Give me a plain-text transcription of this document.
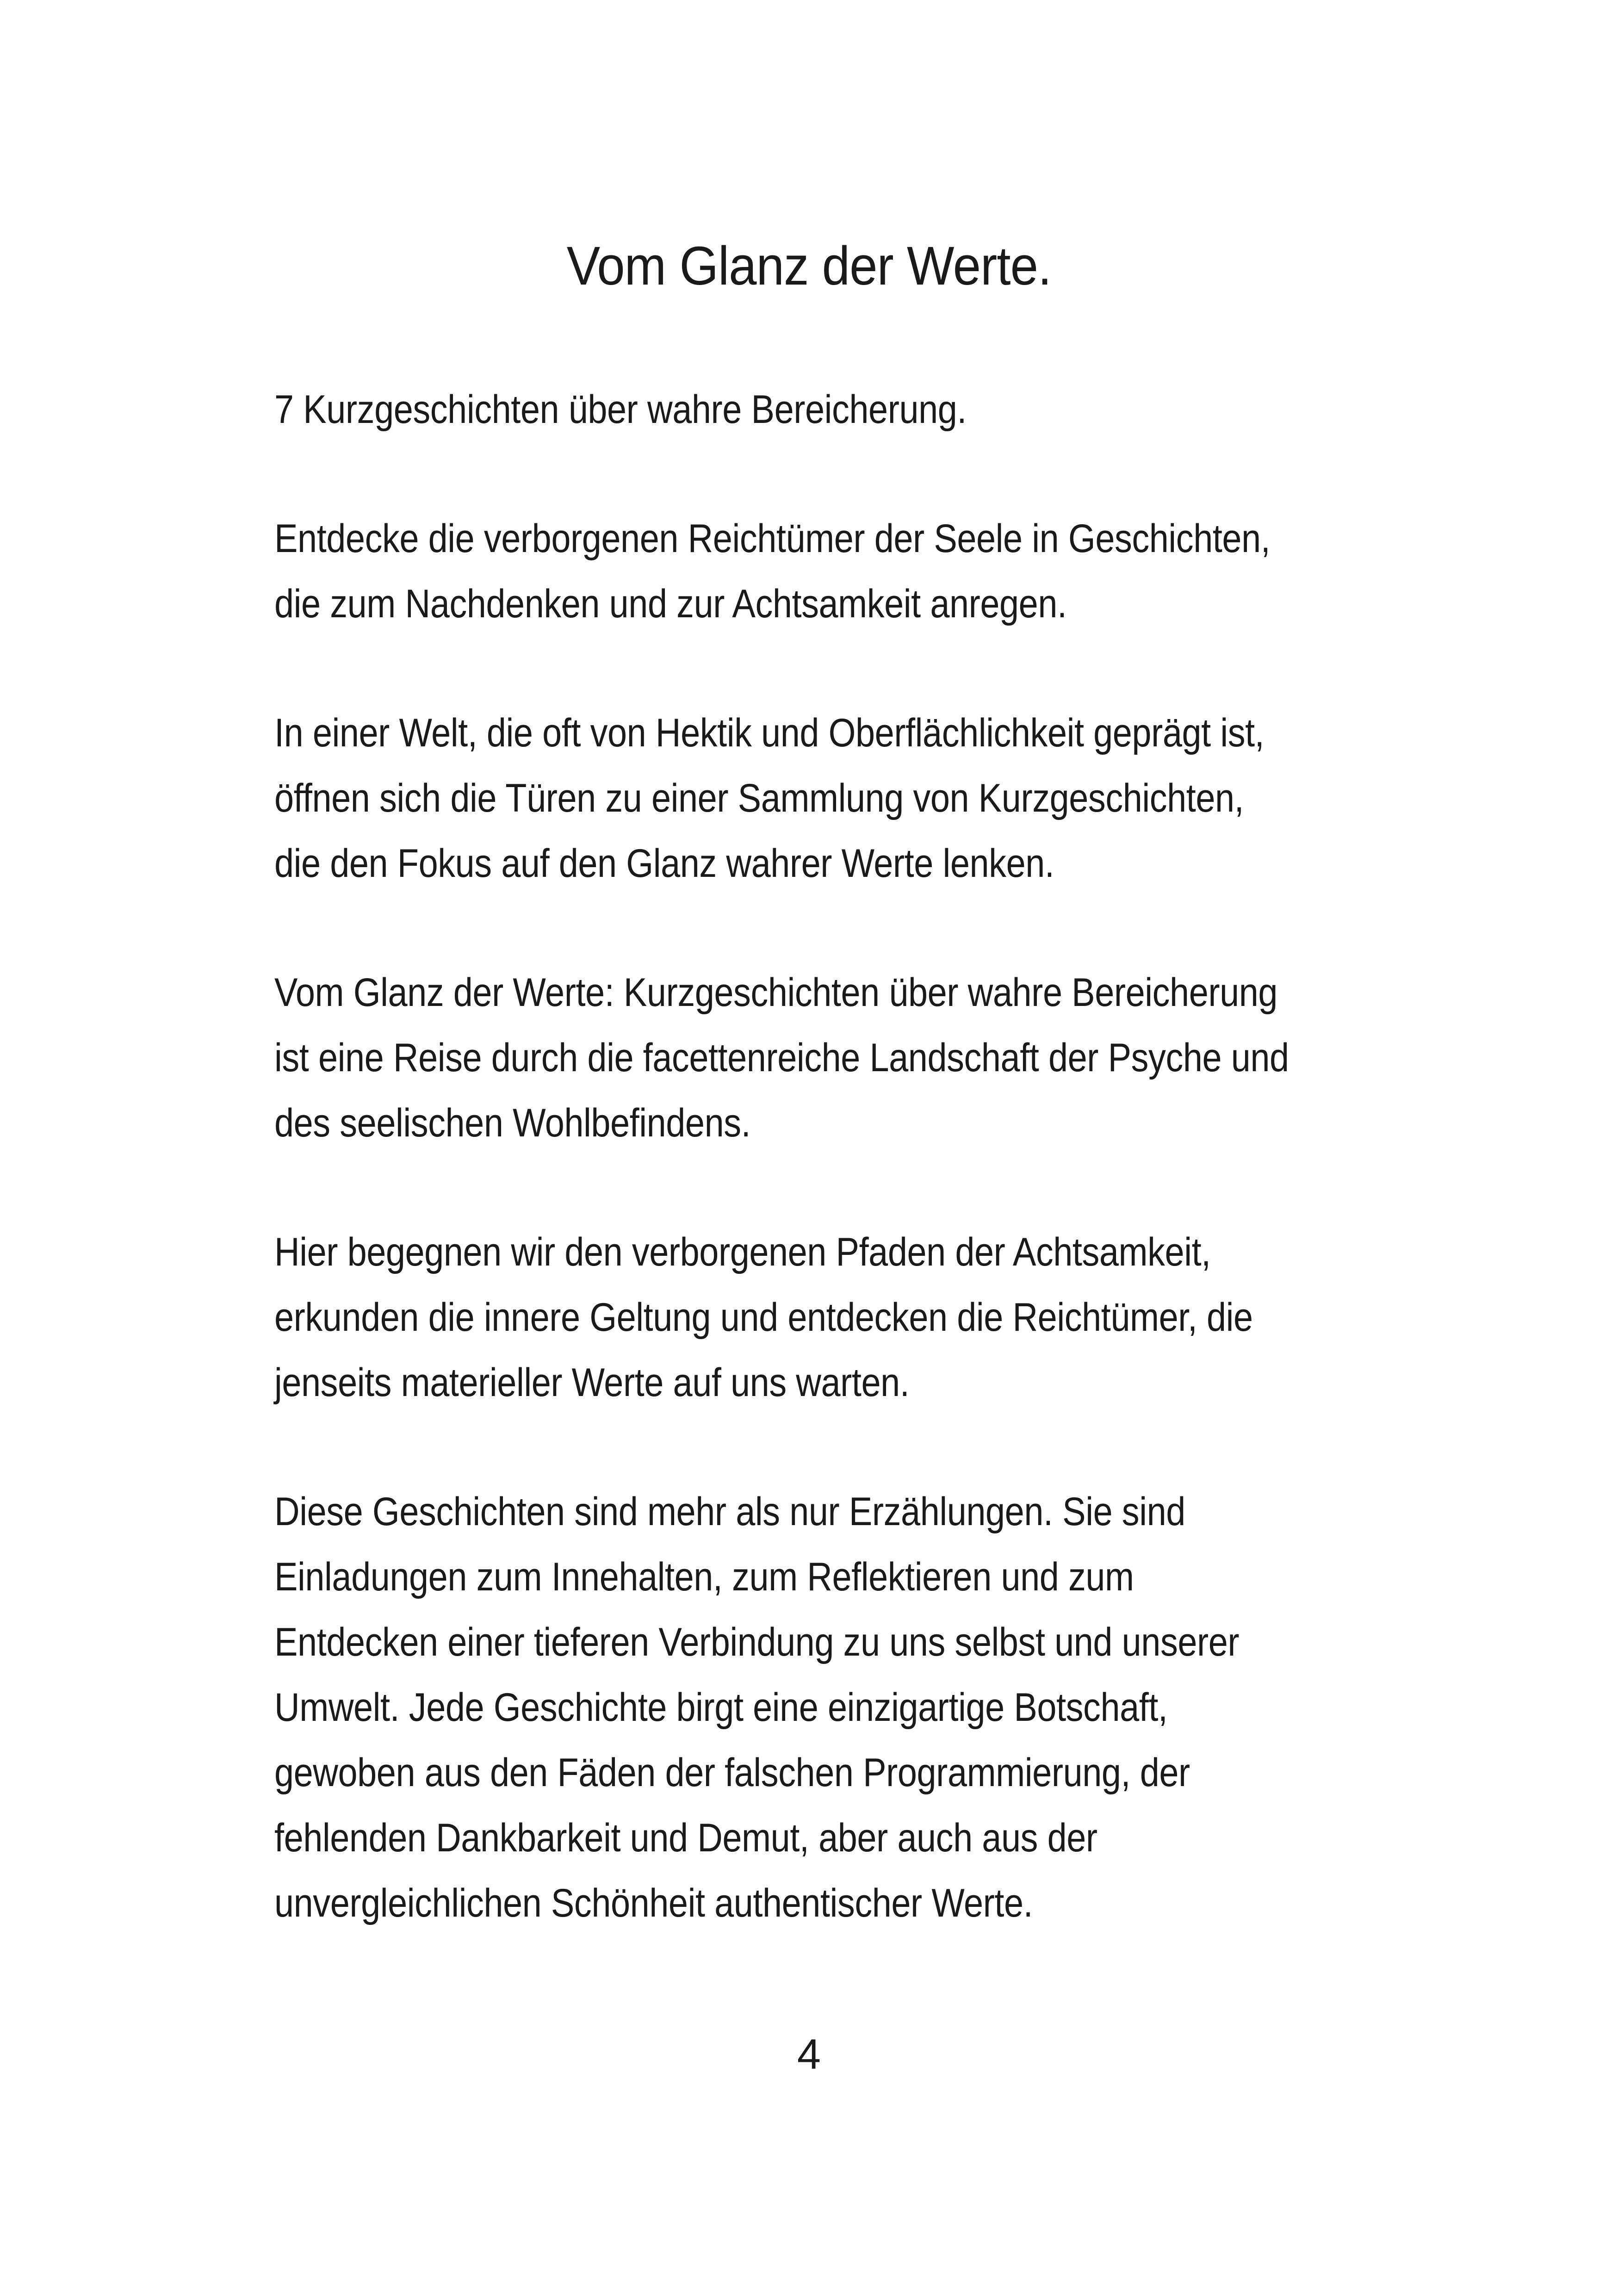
Vom Glanz der Werte.

7 Kurzgeschichten über wahre Bereicherung.

Entdecke die verborgenen Reichtümer der Seele in Geschichten,
die zum Nachdenken und zur Achtsamkeit anregen.

In einer Welt, die oft von Hektik und Oberflächlichkeit geprägt ist,
öffnen sich die Türen zu einer Sammlung von Kurzgeschichten,
die den Fokus auf den Glanz wahrer Werte lenken.

Vom Glanz der Werte: Kurzgeschichten über wahre Bereicherung
ist eine Reise durch die facettenreiche Landschaft der Psyche und
des seelischen Wohlbefindens.

Hier begegnen wir den verborgenen Pfaden der Achtsamkeit,
erkunden die innere Geltung und entdecken die Reichtümer, die
jenseits materieller Werte auf uns warten.

Diese Geschichten sind mehr als nur Erzählungen. Sie sind
Einladungen zum Innehalten, zum Reflektieren und zum
Entdecken einer tieferen Verbindung zu uns selbst und unserer
Umwelt. Jede Geschichte birgt eine einzigartige Botschaft,
gewoben aus den Fäden der falschen Programmierung, der
fehlenden Dankbarkeit und Demut, aber auch aus der
unvergleichlichen Schönheit authentischer Werte.

4
